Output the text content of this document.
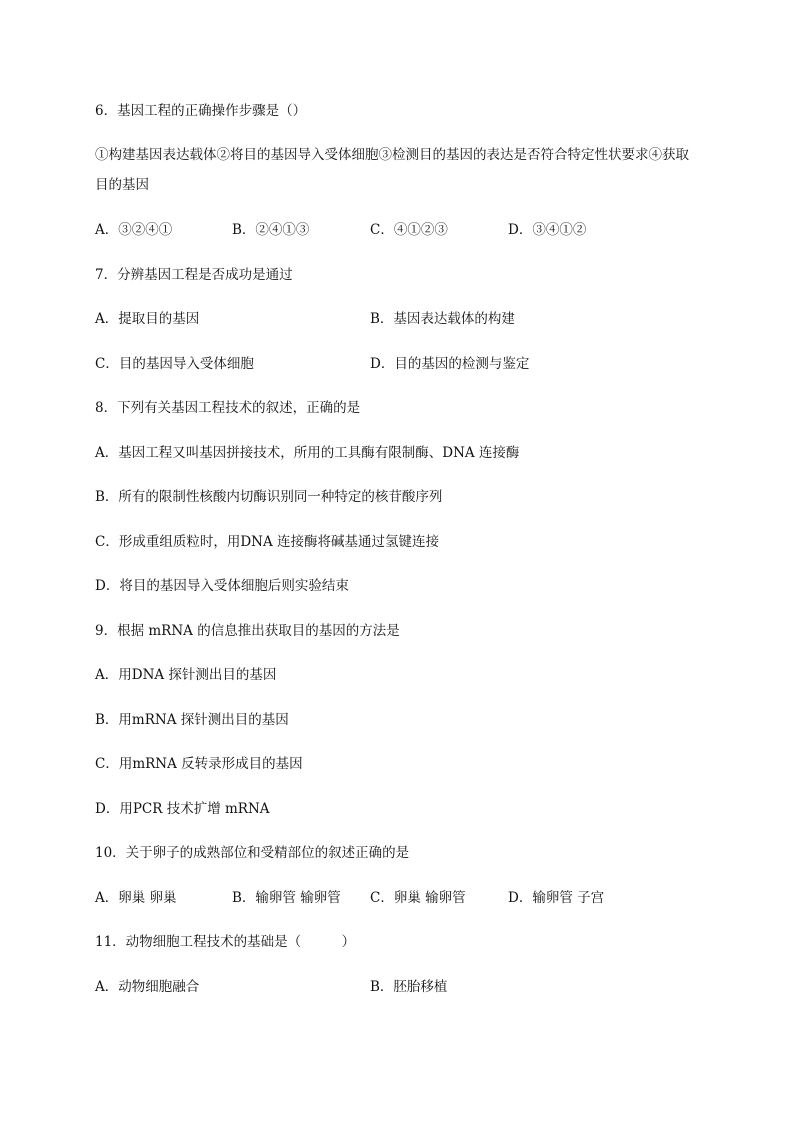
6．基因工程的正确操作步骤是（）
①构建基因表达载体②将目的基因导入受体细胞③检测目的基因的表达是否符合特定性状要求④获取目的基因
A．③②④①	B．②④①③	C．④①②③	D．③④①②
7．分辨基因工程是否成功是通过
A．提取目的基因	B．基因表达载体的构建
C．目的基因导入受体细胞	D．目的基因的检测与鉴定
8．下列有关基因工程技术的叙述，正确的是
A．基因工程又叫基因拼接技术，所用的工具酶有限制酶、DNA 连接酶
B．所有的限制性核酸内切酶识别同一种特定的核苷酸序列
C．形成重组质粒时，用DNA 连接酶将碱基通过氢键连接
D．将目的基因导入受体细胞后则实验结束
9．根据 mRNA 的信息推出获取目的基因的方法是
A．用DNA 探针测出目的基因
B．用mRNA 探针测出目的基因
C．用mRNA 反转录形成目的基因
D．用PCR 技术扩增 mRNA
10．关于卵子的成熟部位和受精部位的叙述正确的是
A．卵巢 卵巢	B．输卵管 输卵管 C．卵巢 输卵管	D．输卵管 子宫
11．动物细胞工程技术的基础是（　　　）
A．动物细胞融合	B．胚胎移植
